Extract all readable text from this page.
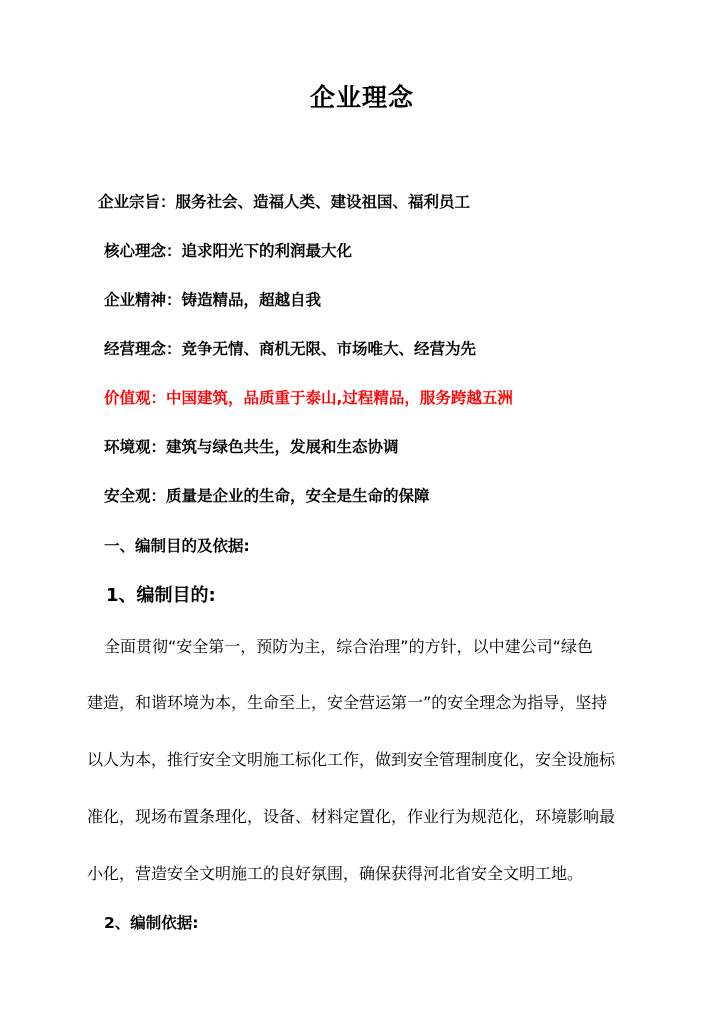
企业理念
企业宗旨：服务社会、造福人类、建设祖国、福利员工
核心理念：追求阳光下的利润最大化
企业精神：铸造精品，超越自我
经营理念：竞争无情、商机无限、市场唯大、经营为先
价值观：中国建筑，品质重于泰山,过程精品，服务跨越五洲
环境观：建筑与绿色共生，发展和生态协调
安全观：质量是企业的生命，安全是生命的保障
一、编制目的及依据:
1、编制目的:
全面贯彻“安全第一，预防为主，综合治理”的方针，以中建公司“绿色
建造，和谐环境为本，生命至上，安全营运第一”的安全理念为指导，坚持
以人为本，推行安全文明施工标化工作，做到安全管理制度化，安全设施标
准化，现场布置条理化，设备、材料定置化，作业行为规范化，环境影响最
小化，营造安全文明施工的良好氛围，确保获得河北省安全文明工地。
2、编制依据:
